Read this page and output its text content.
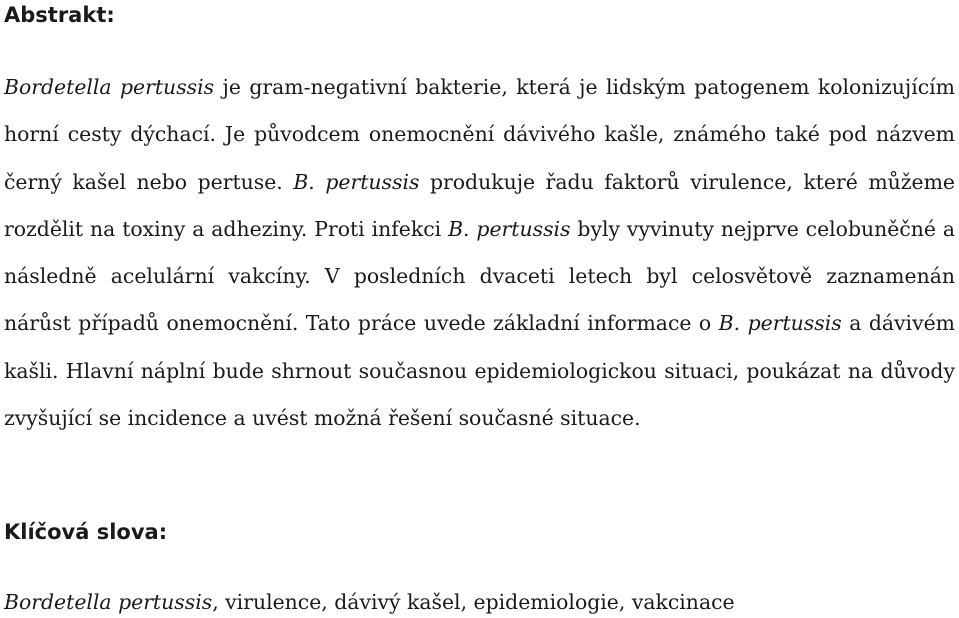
Abstrakt:

Bordetella pertussis je gram-negativní bakterie, která je lidským patogenem kolonizujícím horní cesty dýchací. Je původcem onemocnění dávivého kašle, známého také pod názvem černý kašel nebo pertuse. B. pertussis produkuje řadu faktorů virulence, které můžeme rozdělit na toxiny a adheziny. Proti infekci B. pertussis byly vyvinuty nejprve celobuněčné a následně acelulární vakcíny. V posledních dvaceti letech byl celosvětově zaznamenán nárůst případů onemocnění. Tato práce uvede základní informace o B. pertussis a dávivém kašli. Hlavní náplní bude shrnout současnou epidemiologickou situaci, poukázat na důvody zvyšující se incidence a uvést možná řešení současné situace.

Klíčová slova:

Bordetella pertussis, virulence, dávivý kašel, epidemiologie, vakcinace
